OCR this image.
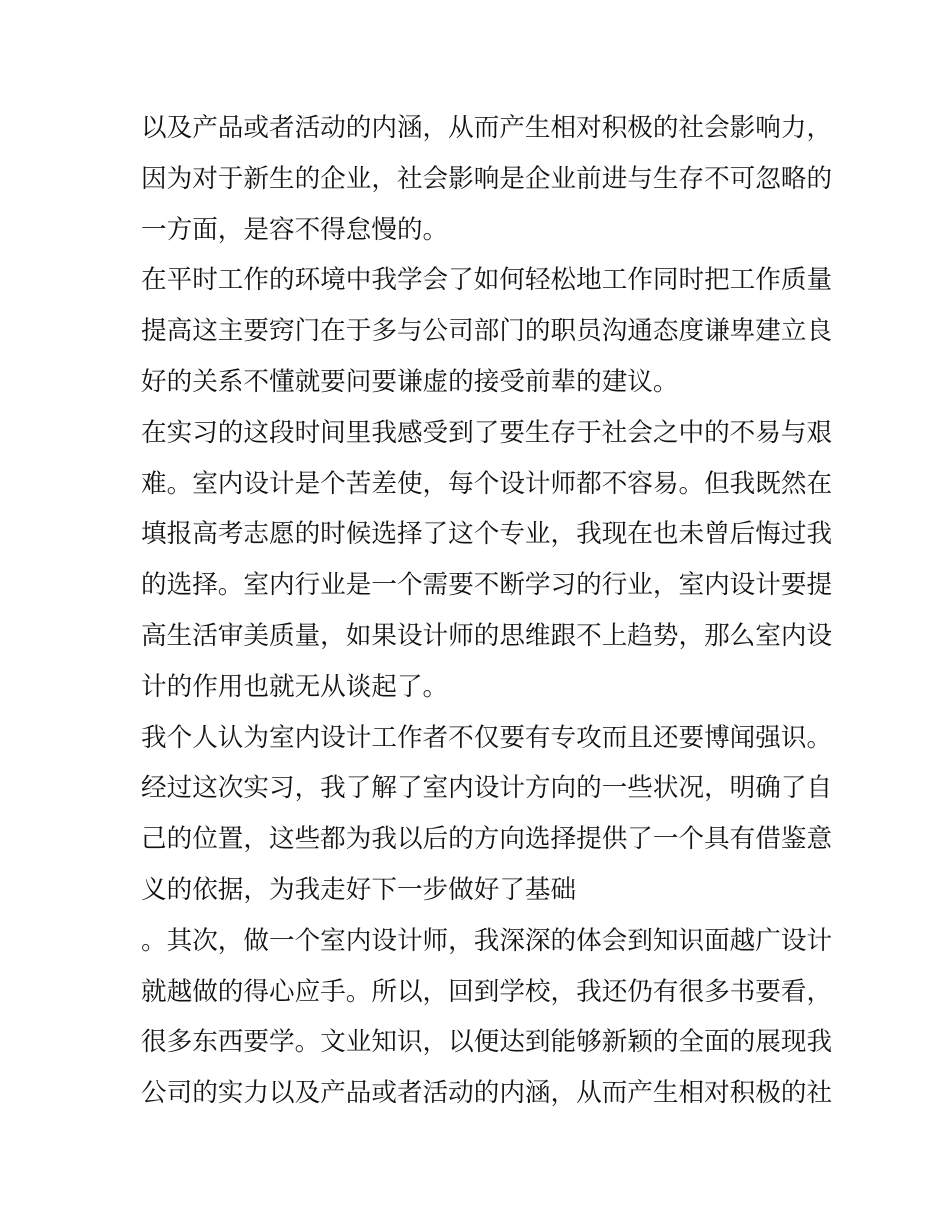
以及产品或者活动的内涵，从而产生相对积极的社会影响力，
因为对于新生的企业，社会影响是企业前进与生存不可忽略的
一方面，是容不得怠慢的。
在平时工作的环境中我学会了如何轻松地工作同时把工作质量
提高这主要窍门在于多与公司部门的职员沟通态度谦卑建立良
好的关系不懂就要问要谦虚的接受前辈的建议。
在实习的这段时间里我感受到了要生存于社会之中的不易与艰
难。室内设计是个苦差使，每个设计师都不容易。但我既然在
填报高考志愿的时候选择了这个专业，我现在也未曾后悔过我
的选择。室内行业是一个需要不断学习的行业，室内设计要提
高生活审美质量，如果设计师的思维跟不上趋势，那么室内设
计的作用也就无从谈起了。
我个人认为室内设计工作者不仅要有专攻而且还要博闻强识。
经过这次实习，我了解了室内设计方向的一些状况，明确了自
己的位置，这些都为我以后的方向选择提供了一个具有借鉴意
义的依据，为我走好下一步做好了基础
。其次，做一个室内设计师，我深深的体会到知识面越广设计
就越做的得心应手。所以，回到学校，我还仍有很多书要看，
很多东西要学。文业知识，以便达到能够新颖的全面的展现我
公司的实力以及产品或者活动的内涵，从而产生相对积极的社
